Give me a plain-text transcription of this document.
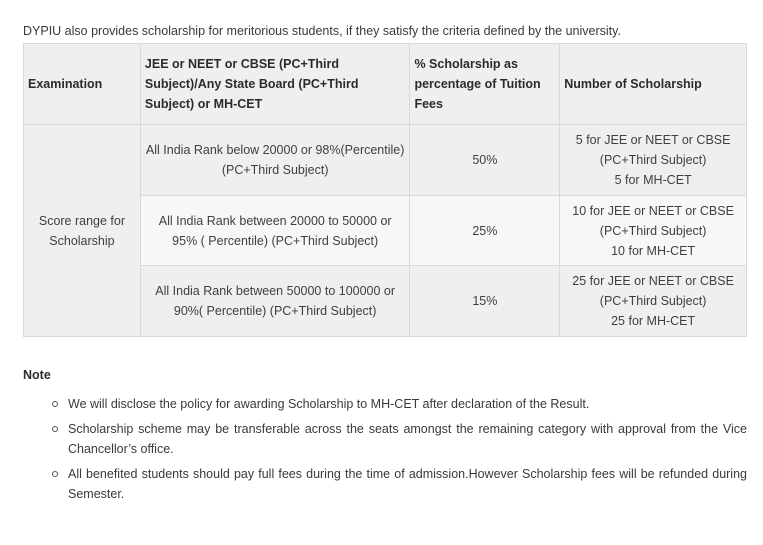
DYPIU also provides scholarship for meritorious students, if they satisfy the criteria defined by the university.

Examination	JEE or NEET or CBSE (PC+Third Subject)/Any State Board (PC+Third Subject) or MH-CET	% Scholarship as percentage of Tuition Fees	Number of Scholarship
Score range for Scholarship	All India Rank below 20000 or 98%(Percentile) (PC+Third Subject)	50%	5 for JEE or NEET or CBSE
(PC+Third Subject)
5 for MH-CET

	All India Rank between 20000 to 50000 or 95% ( Percentile) (PC+Third Subject)	25%	10 for JEE or NEET or CBSE
(PC+Third Subject)
10 for MH-CET

	All India Rank between 50000 to 100000 or 90%( Percentile) (PC+Third Subject)	15%	25 for JEE or NEET or CBSE
(PC+Third Subject)
25 for MH-CET
Note
We will disclose the policy for awarding Scholarship to MH-CET after declaration of the Result.
Scholarship scheme may be transferable across the seats amongst the remaining category with approval from the Vice Chancellor’s office.
All benefited students should pay full fees during the time of admission.However Scholarship fees will be refunded during Semester.
